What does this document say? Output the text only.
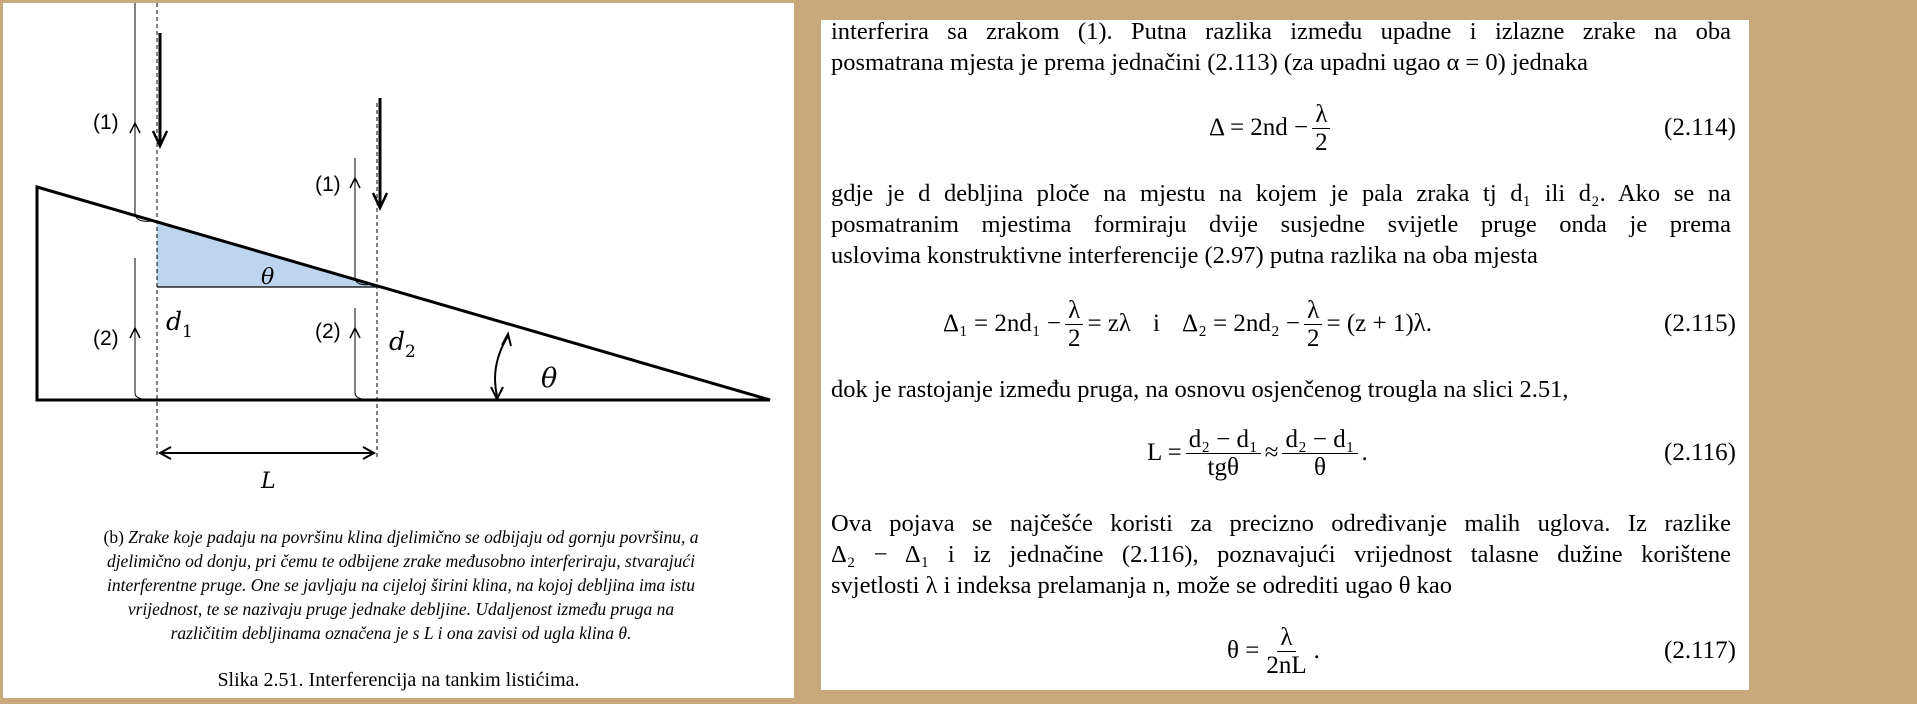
(1)
(1)
(2)	(2)
θ
θ
$d_1$	$d_2$
L
(b) Zrake koje padaju na površinu klina djelimično se odbijaju od gornju površinu, a
djelimično od donju, pri čemu te odbijene zrake međusobno interferiraju, stvarajući
interferentne pruge. One se javljaju na cijeloj širini klina, na kojoj debljina ima istu
vrijednost, te se nazivaju pruge jednake debljine. Udaljenost između pruga na
različitim debljinama označena je s L i ona zavisi od ugla klina θ.
Slika 2.51. Interferencija na tankim listićima.
interferira sa zrakom (1). Putna razlika između upadne i izlazne zrake na oba
posmatrana mjesta je prema jednačini (2.113) (za upadni ugao α = 0) jednaka
$\Delta = 2nd - \frac{\lambda}{2}$	(2.114)
gdje je d debljina ploče na mjestu na kojem je pala zraka tj d₁ ili d₂. Ako se na
posmatranim mjestima formiraju dvije susjedne svijetle pruge onda je prema
uslovima konstruktivne interferencije (2.97) putna razlika na oba mjesta
$\Delta_1 = 2nd_1 - \frac{\lambda}{2} = z\lambda$ i $\Delta_2 = 2nd_2 - \frac{\lambda}{2} = (z + 1)\lambda$.	(2.115)
dok je rastojanje između pruga, na osnovu osjenčenog trougla na slici 2.51,
$L = \frac{\text{d₂ − d₁}}{\text{tgθ}} \approx \frac{\text{d₂ − d₁}}{\theta}$ .	(2.116)
Ova pojava se najčešće koristi za precizno određivanje malih uglova. Iz razlike
Δ₂ − Δ₁ i iz jednačine (2.116), poznavajući vrijednost talasne dužine korištene
svjetlosti λ i indeksa prelamanja n, može se odrediti ugao θ kao
$\theta = \frac{\lambda}{2nL}$ .	(2.117)
